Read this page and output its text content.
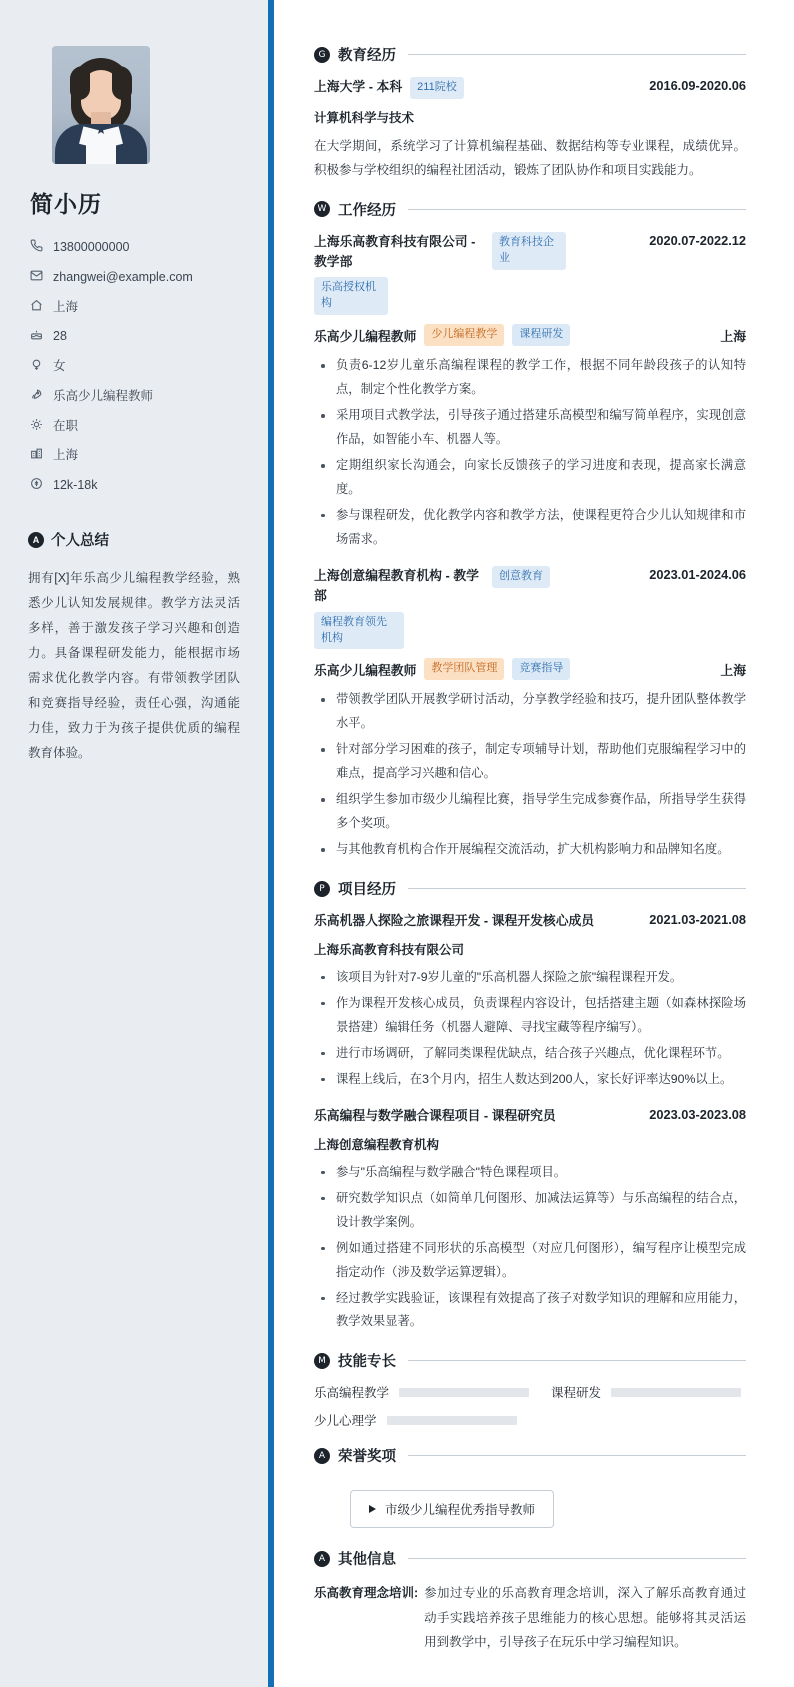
简小历
13800000000
zhangwei@example.com
上海
28
女
乐高少儿编程教师
在职
上海
12k-18k
A 个人总结

拥有[X]年乐高少儿编程教学经验，熟悉少儿认知发展规律。教学方法灵活多样，善于激发孩子学习兴趣和创造力。具备课程研发能力，能根据市场需求优化教学内容。有带领教学团队和竞赛指导经验，责任心强，沟通能力佳，致力于为孩子提供优质的编程教育体验。

G 教育经历
上海大学 - 本科	211院校	2016.09-2020.06
计算机科学与技术

在大学期间，系统学习了计算机编程基础、数据结构等专业课程，成绩优异。积极参与学校组织的编程社团活动，锻炼了团队协作和项目实践能力。

W 工作经历
上海乐高教育科技有限公司 - 教学部
教育科技企业
乐高授权机构
2020.07-2022.12
乐高少儿编程教师	少儿编程教学	课程研发	上海
负责6-12岁儿童乐高编程课程的教学工作，根据不同年龄段孩子的认知特点，制定个性化教学方案。
采用项目式教学法，引导孩子通过搭建乐高模型和编写简单程序，实现创意作品，如智能小车、机器人等。
定期组织家长沟通会，向家长反馈孩子的学习进度和表现，提高家长满意度。
参与课程研发，优化教学内容和教学方法，使课程更符合少儿认知规律和市场需求。
上海创意编程教育机构 - 教学部
创意教育
编程教育领先机构
2023.01-2024.06
乐高少儿编程教师	教学团队管理	竞赛指导	上海
带领教学团队开展教学研讨活动，分享教学经验和技巧，提升团队整体教学水平。
针对部分学习困难的孩子，制定专项辅导计划，帮助他们克服编程学习中的难点，提高学习兴趣和信心。
组织学生参加市级少儿编程比赛，指导学生完成参赛作品，所指导学生获得多个奖项。
与其他教育机构合作开展编程交流活动，扩大机构影响力和品牌知名度。
P 项目经历
乐高机器人探险之旅课程开发 - 课程开发核心成员	2021.03-2021.08
上海乐高教育科技有限公司
该项目为针对7-9岁儿童的"乐高机器人探险之旅"编程课程开发。
作为课程开发核心成员，负责课程内容设计，包括搭建主题（如森林探险场景搭建）编辑任务（机器人避障、寻找宝藏等程序编写）。
进行市场调研，了解同类课程优缺点，结合孩子兴趣点，优化课程环节。
课程上线后，在3个月内，招生人数达到200人，家长好评率达90%以上。
乐高编程与数学融合课程项目 - 课程研究员	2023.03-2023.08
上海创意编程教育机构
参与"乐高编程与数学融合"特色课程项目。
研究数学知识点（如简单几何图形、加减法运算等）与乐高编程的结合点，设计教学案例。
例如通过搭建不同形状的乐高模型（对应几何图形），编写程序让模型完成指定动作（涉及数学运算逻辑）。
经过教学实践验证，该课程有效提高了孩子对数学知识的理解和应用能力，教学效果显著。
M 技能专长
乐高编程教学	课程研发
少儿心理学
A 荣誉奖项
市级少儿编程优秀指导教师
A 其他信息
乐高教育理念培训: 参加过专业的乐高教育理念培训，深入了解乐高教育通过动手实践培养孩子思维能力的核心思想。能够将其灵活运用到教学中，引导孩子在玩乐中学习编程知识。
